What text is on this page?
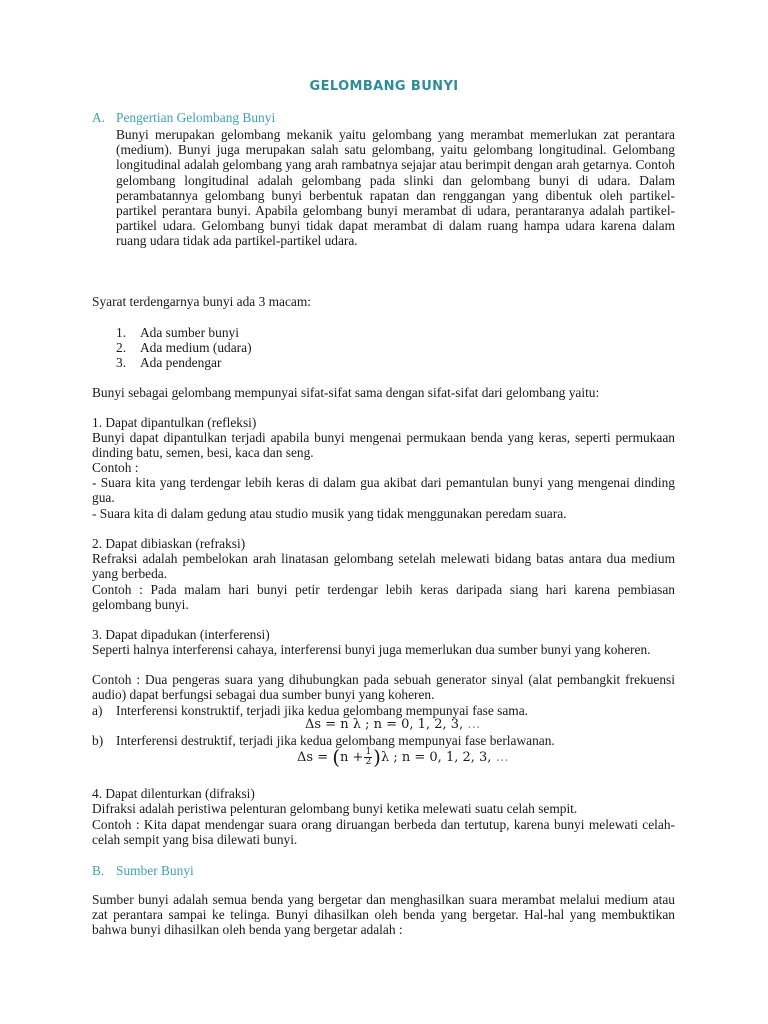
GELOMBANG BUNYI
A. Pengertian Gelombang Bunyi

Bunyi merupakan gelombang mekanik yaitu gelombang yang merambat memerlukan zat perantara (medium). Bunyi juga merupakan salah satu gelombang, yaitu gelombang longitudinal. Gelombang longitudinal adalah gelombang yang arah rambatnya sejajar atau berimpit dengan arah getarnya. Contoh gelombang longitudinal adalah gelombang pada slinki dan gelombang bunyi di udara. Dalam perambatannya gelombang bunyi berbentuk rapatan dan renggangan yang dibentuk oleh partikel-partikel perantara bunyi. Apabila gelombang bunyi merambat di udara, perantaranya adalah partikel-partikel udara. Gelombang bunyi tidak dapat merambat di dalam ruang hampa udara karena dalam ruang udara tidak ada partikel-partikel udara.

Syarat terdengarnya bunyi ada 3 macam:

1. Ada sumber bunyi
2. Ada medium (udara)
3. Ada pendengar

Bunyi sebagai gelombang mempunyai sifat-sifat sama dengan sifat-sifat dari gelombang yaitu:

1. Dapat dipantulkan (refleksi)

Bunyi dapat dipantulkan terjadi apabila bunyi mengenai permukaan benda yang keras, seperti permukaan dinding batu, semen, besi, kaca dan seng.

Contoh :

- Suara kita yang terdengar lebih keras di dalam gua akibat dari pemantulan bunyi yang mengenai dinding gua.

- Suara kita di dalam gedung atau studio musik yang tidak menggunakan peredam suara.

2. Dapat dibiaskan (refraksi)

Refraksi adalah pembelokan arah linatasan gelombang setelah melewati bidang batas antara dua medium yang berbeda.

Contoh : Pada malam hari bunyi petir terdengar lebih keras daripada siang hari karena pembiasan gelombang bunyi.

3. Dapat dipadukan (interferensi)

Seperti halnya interferensi cahaya, interferensi bunyi juga memerlukan dua sumber bunyi yang koheren.

Contoh : Dua pengeras suara yang dihubungkan pada sebuah generator sinyal (alat pembangkit frekuensi audio) dapat berfungsi sebagai dua sumber bunyi yang koheren.

a) Interferensi konstruktif, terjadi jika kedua gelombang mempunyai fase sama.
Δs = n λ ; n = 0, 1, 2, 3, …
b) Interferensi destruktif, terjadi jika kedua gelombang mempunyai fase berlawanan.
$\Delta s = (n + \frac{1}{2} )\lambda$ ; n = 0, 1, 2, 3, …
4. Dapat dilenturkan (difraksi)

Difraksi adalah peristiwa pelenturan gelombang bunyi ketika melewati suatu celah sempit.

Contoh : Kita dapat mendengar suara orang diruangan berbeda dan tertutup, karena bunyi melewati celah-celah sempit yang bisa dilewati bunyi.

B. Sumber Bunyi

Sumber bunyi adalah semua benda yang bergetar dan menghasilkan suara merambat melalui medium atau zat perantara sampai ke telinga. Bunyi dihasilkan oleh benda yang bergetar. Hal-hal yang membuktikan bahwa bunyi dihasilkan oleh benda yang bergetar adalah :
